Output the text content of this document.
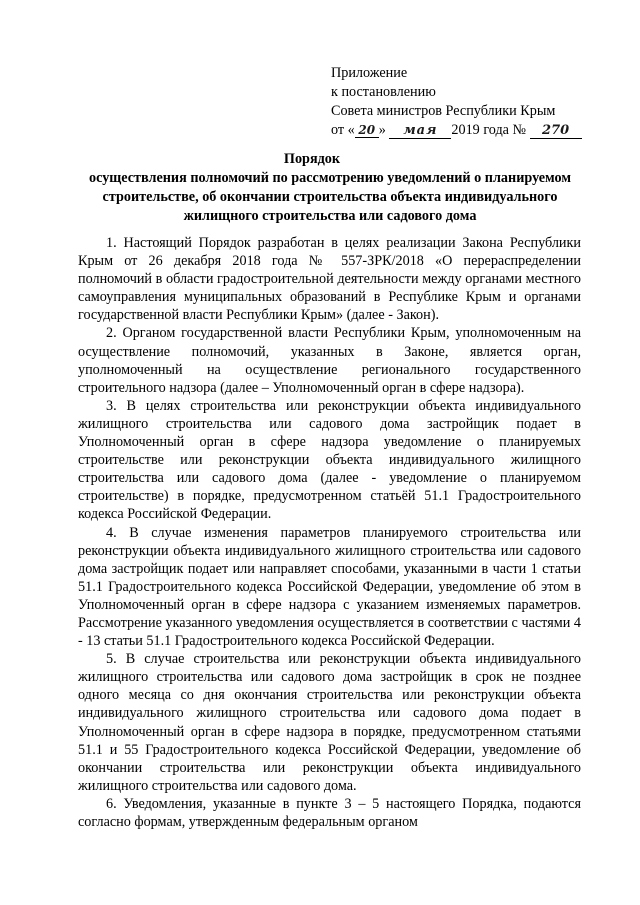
Приложение
к постановлению
Совета министров Республики Крым
от « 20 » мая 2019 года № 270
Порядок
осуществления полномочий по рассмотрению уведомлений о планируемом строительстве, об окончании строительства объекта индивидуального жилищного строительства или садового дома

1. Настоящий Порядок разработан в целях реализации Закона Республики Крым от 26 декабря 2018 года № 557-ЗРК/2018 «О перераспределении полномочий в области градостроительной деятельности между органами местного самоуправления муниципальных образований в Республике Крым и органами государственной власти Республики Крым» (далее - Закон).

2. Органом государственной власти Республики Крым, уполномоченным на осуществление полномочий, указанных в Законе, является орган, уполномоченный на осуществление регионального государственного строительного надзора (далее – Уполномоченный орган в сфере надзора).

3. В целях строительства или реконструкции объекта индивидуального жилищного строительства или садового дома застройщик подает в Уполномоченный орган в сфере надзора уведомление о планируемых строительстве или реконструкции объекта индивидуального жилищного строительства или садового дома (далее - уведомление о планируемом строительстве) в порядке, предусмотренном статьёй 51.1 Градостроительного кодекса Российской Федерации.

4. В случае изменения параметров планируемого строительства или реконструкции объекта индивидуального жилищного строительства или садового дома застройщик подает или направляет способами, указанными в части 1 статьи 51.1 Градостроительного кодекса Российской Федерации, уведомление об этом в Уполномоченный орган в сфере надзора с указанием изменяемых параметров. Рассмотрение указанного уведомления осуществляется в соответствии с частями 4 - 13 статьи 51.1 Градостроительного кодекса Российской Федерации.

5. В случае строительства или реконструкции объекта индивидуального жилищного строительства или садового дома застройщик в срок не позднее одного месяца со дня окончания строительства или реконструкции объекта индивидуального жилищного строительства или садового дома подает в Уполномоченный орган в сфере надзора в порядке, предусмотренном статьями 51.1 и 55 Градостроительного кодекса Российской Федерации, уведомление об окончании строительства или реконструкции объекта индивидуального жилищного строительства или садового дома.

6. Уведомления, указанные в пункте 3 – 5 настоящего Порядка, подаются согласно формам, утвержденным федеральным органом
